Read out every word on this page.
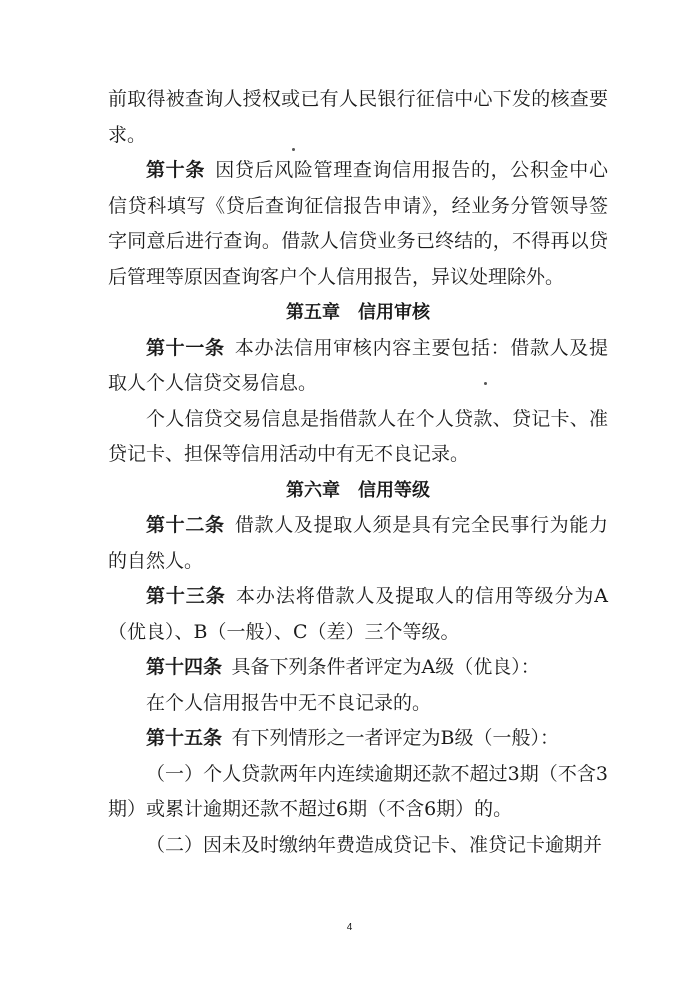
前取得被查询人授权或已有人民银行征信中心下发的核查要求。

第十条  因贷后风险管理查询信用报告的，公积金中心信贷科填写《贷后查询征信报告申请》，经业务分管领导签字同意后进行查询。借款人信贷业务已终结的，不得再以贷后管理等原因查询客户个人信用报告，异议处理除外。

第五章　信用审核

第十一条  本办法信用审核内容主要包括：借款人及提取人个人信贷交易信息。

个人信贷交易信息是指借款人在个人贷款、贷记卡、准贷记卡、担保等信用活动中有无不良记录。

第六章　信用等级

第十二条  借款人及提取人须是具有完全民事行为能力的自然人。

第十三条  本办法将借款人及提取人的信用等级分为A（优良）、B（一般）、C（差）三个等级。

第十四条  具备下列条件者评定为A级（优良）：

在个人信用报告中无不良记录的。

第十五条  有下列情形之一者评定为B级（一般）：

（一）个人贷款两年内连续逾期还款不超过3期（不含3期）或累计逾期还款不超过6期（不含6期）的。

（二）因未及时缴纳年费造成贷记卡、准贷记卡逾期并

4
